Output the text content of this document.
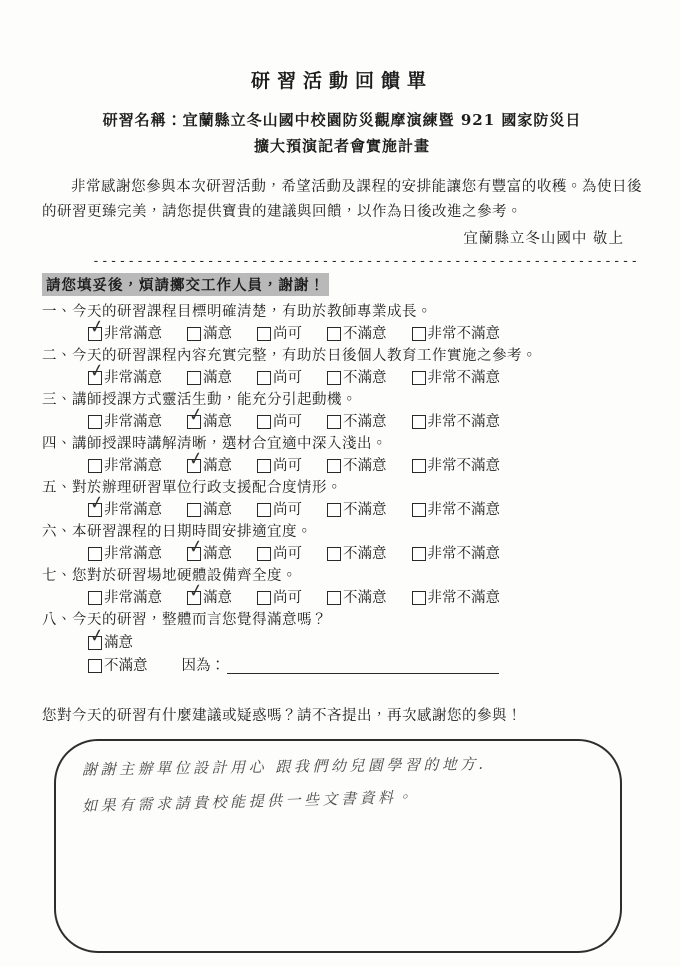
研習活動回饋單
研習名稱：宜蘭縣立冬山國中校園防災觀摩演練暨 921 國家防災日
擴大預演記者會實施計畫

非常感謝您參與本次研習活動，希望活動及課程的安排能讓您有豐富的收穫。為使日後的研習更臻完美，請您提供寶貴的建議與回饋，以作為日後改進之參考。

宜蘭縣立冬山國中 敬上
--------------------------------------------------------------
請您填妥後，煩請擲交工作人員，謝謝！
一、今天的研習課程目標明確清楚，有助於教師專業成長。
✓ 非常滿意	滿意	尚可	不滿意	非常不滿意
二、今天的研習課程內容充實完整，有助於日後個人教育工作實施之參考。
✓ 非常滿意	滿意	尚可	不滿意	非常不滿意
三、講師授課方式靈活生動，能充分引起動機。
非常滿意 ✓ 滿意	尚可	不滿意	非常不滿意
四、講師授課時講解清晰，選材合宜適中深入淺出。
非常滿意 ✓ 滿意	尚可	不滿意	非常不滿意
五、對於辦理研習單位行政支援配合度情形。
✓ 非常滿意	滿意	尚可	不滿意	非常不滿意
六、本研習課程的日期時間安排適宜度。
非常滿意 ✓ 滿意	尚可	不滿意	非常不滿意
七、您對於研習場地硬體設備齊全度。
非常滿意 ✓ 滿意	尚可	不滿意	非常不滿意
八、今天的研習，整體而言您覺得滿意嗎？
✓ 滿意
不滿意 因為：

您對今天的研習有什麼建議或疑惑嗎？請不吝提出，再次感謝您的參與！

謝謝主辦單位設計用心 跟我們幼兒園學習的地方.
如果有需求請貴校能提供一些文書資料。
